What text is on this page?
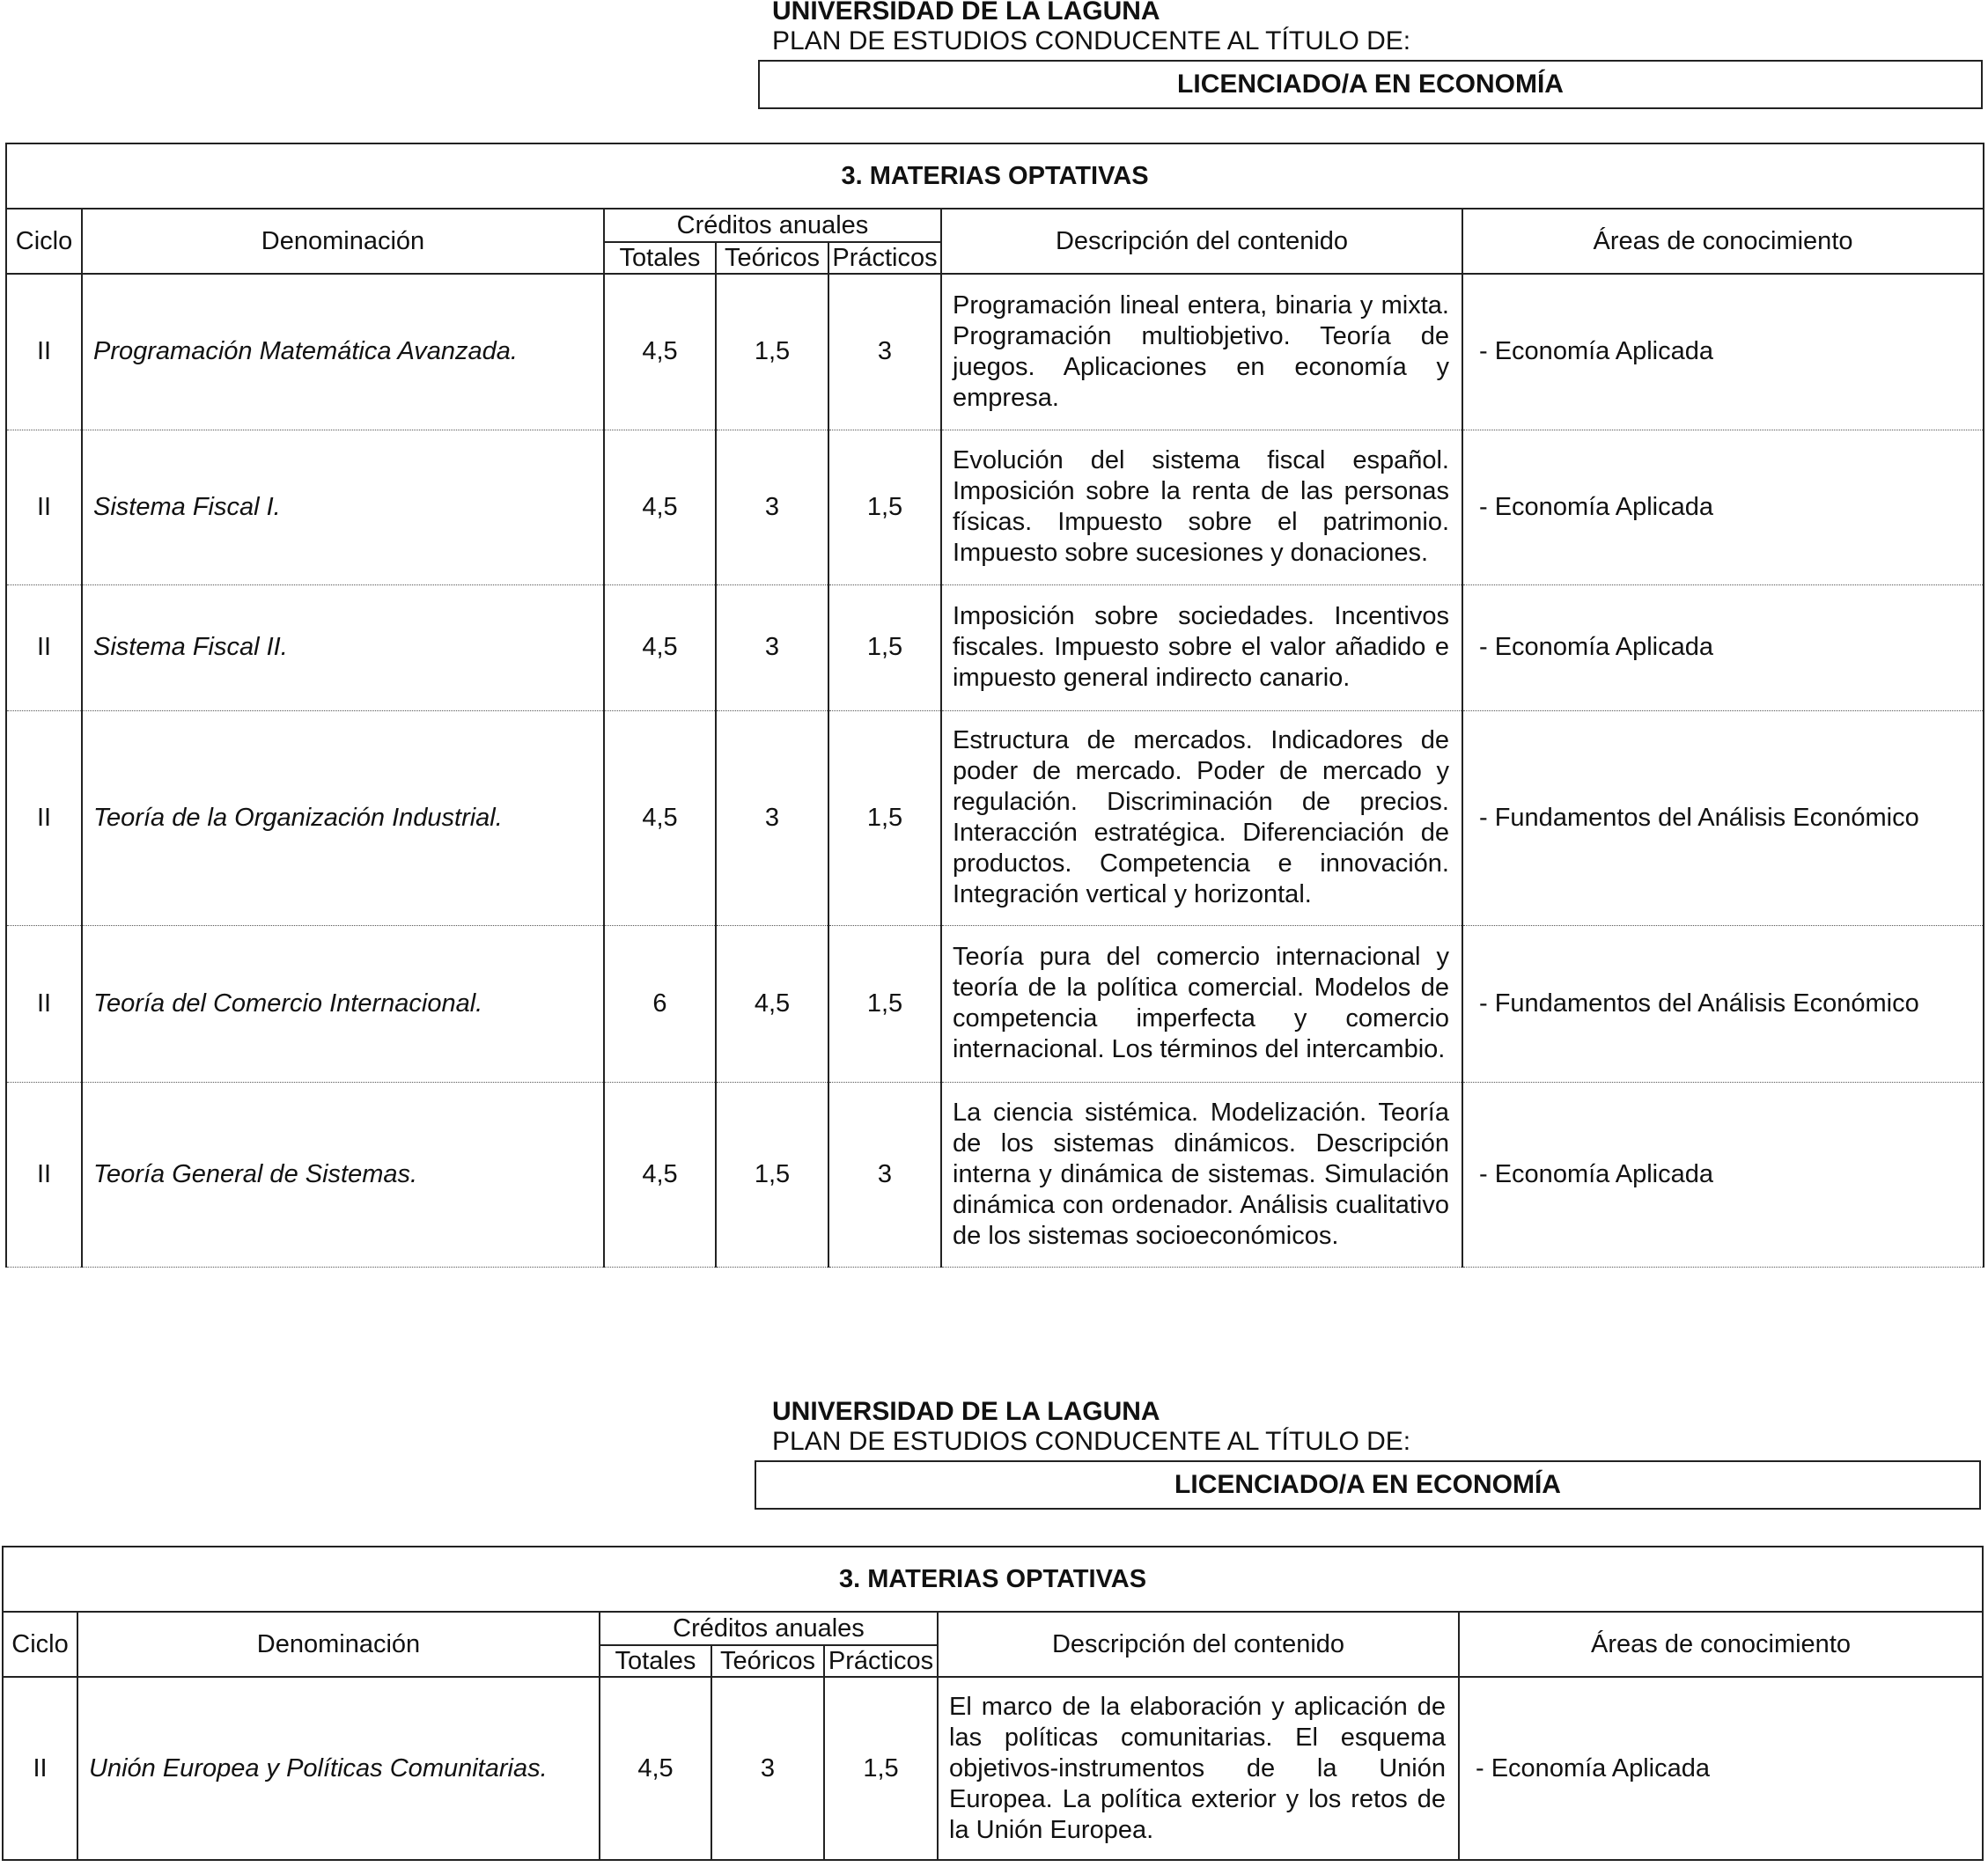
UNIVERSIDAD DE LA LAGUNA
PLAN DE ESTUDIOS CONDUCENTE AL TÍTULO DE:
LICENCIADO/A EN ECONOMÍA
3. MATERIAS OPTATIVAS						
Ciclo	Denominación	Créditos anuales			Descripción del contenido	Áreas de conocimiento
		Totales	Teóricos	Prácticos		
II	Programación Matemática Avanzada.	4,5	1,5	3	Programación lineal entera, binaria y mixta. Programación multiobjetivo. Teoría de juegos. Aplicaciones en economía y empresa.	- Economía Aplicada
II	Sistema Fiscal I.	4,5	3	1,5	Evolución del sistema fiscal español. Imposición sobre la renta de las personas físicas. Impuesto sobre el patrimonio. Impuesto sobre sucesiones y donaciones.	- Economía Aplicada
II	Sistema Fiscal II.	4,5	3	1,5	Imposición sobre sociedades. Incentivos fiscales. Impuesto sobre el valor añadido e impuesto general indirecto canario.	- Economía Aplicada
II	Teoría de la Organización Industrial.	4,5	3	1,5	Estructura de mercados. Indicadores de poder de mercado. Poder de mercado y regulación. Discriminación de precios. Interacción estratégica. Diferenciación de productos. Competencia e innovación. Integración vertical y horizontal.	- Fundamentos del Análisis Económico
II	Teoría del Comercio Internacional.	6	4,5	1,5	Teoría pura del comercio internacional y teoría de la política comercial. Modelos de competencia imperfecta y comercio internacional. Los términos del intercambio.	- Fundamentos del Análisis Económico
II	Teoría General de Sistemas.	4,5	1,5	3	La ciencia sistémica. Modelización. Teoría de los sistemas dinámicos. Descripción interna y dinámica de sistemas. Simulación dinámica con ordenador. Análisis cualitativo de los sistemas socioeconómicos.	- Economía Aplicada
UNIVERSIDAD DE LA LAGUNA
PLAN DE ESTUDIOS CONDUCENTE AL TÍTULO DE:
LICENCIADO/A EN ECONOMÍA
3. MATERIAS OPTATIVAS						
Ciclo	Denominación	Créditos anuales			Descripción del contenido	Áreas de conocimiento
		Totales	Teóricos	Prácticos		
II	Unión Europea y Políticas Comunitarias.	4,5	3	1,5	El marco de la elaboración y aplicación de las políticas comunitarias. El esquema objetivos-instrumentos de la Unión Europea. La política exterior y los retos de la Unión Europea.	- Economía Aplicada
